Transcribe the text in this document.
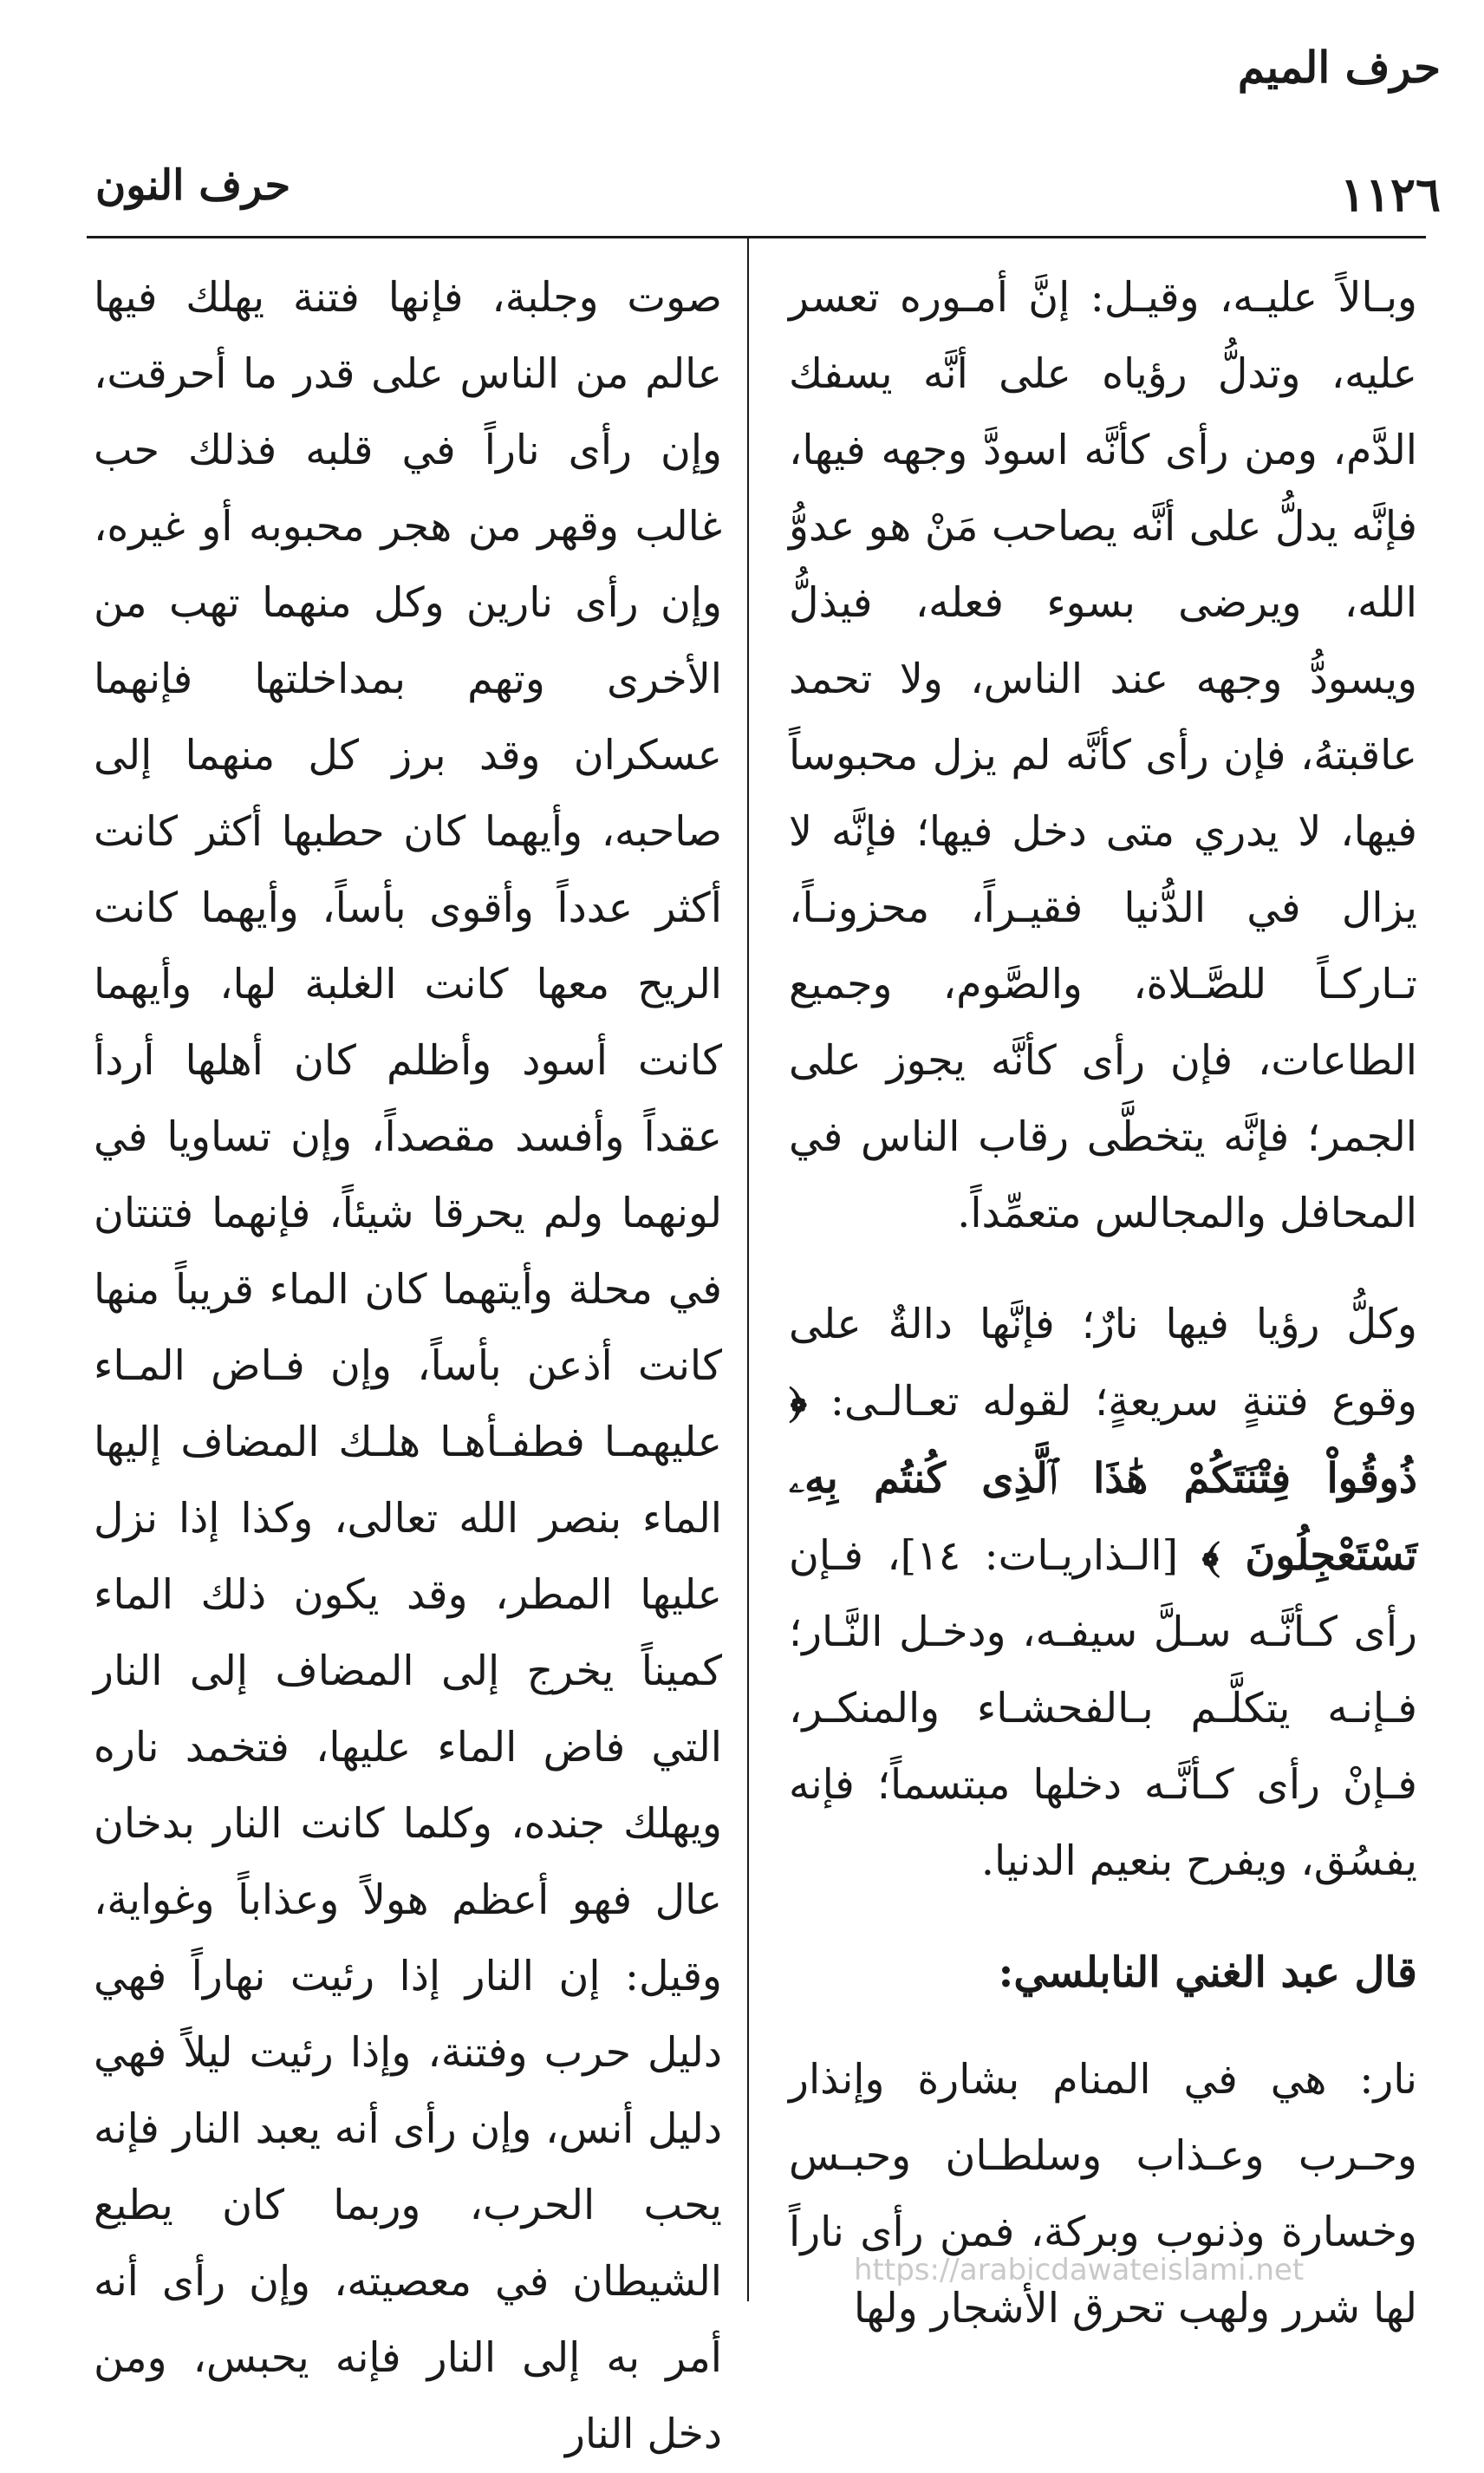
حرف الميم
١١٢٦
حرف النون

وبـالاً عليـه، وقيـل: إنَّ أمـوره تعسر عليه، وتدلُّ رؤياه على أنَّه يسفك الدَّم، ومن رأى كأنَّه اسودَّ وجهه فيها، فإنَّه يدلُّ على أنَّه يصاحب مَنْ هو عدوُّ الله، ويرضى بسوء فعله، فيذلُّ ويسودُّ وجهه عند الناس، ولا تحمد عاقبتهُ، فإن رأى كأنَّه لم يزل محبوساً فيها، لا يدري متى دخل فيها؛ فإنَّه لا يزال في الدُّنيا فقيـراً، محزونـاً، تـاركـاً للصَّـلاة، والصَّوم، وجميع الطاعات، فإن رأى كأنَّه يجوز على الجمر؛ فإنَّه يتخطَّى رقاب الناس في المحافل والمجالس متعمِّداً.

وكلُّ رؤيا فيها نارٌ؛ فإنَّها دالةٌ على وقوع فتنةٍ سريعةٍ؛ لقوله تعـالـى: ﴿ ذُوقُواْ فِتْنَتَكُمْ هَٰذَا ٱلَّذِى كُنتُم بِهِۦ تَسْتَعْجِلُونَ ﴾ [الـذاريـات: ١٤]، فـإن رأى كـأنَّـه سـلَّ سيفـه، ودخـل النَّـار؛ فـإنـه يتكلَّـم بـالفحشـاء والمنكـر، فـإنْ رأى كـأنَّـه دخلها مبتسماً؛ فإنه يفسُق، ويفرح بنعيم الدنيا.

قال عبد الغني النابلسي:

نار: هي في المنام بشارة وإنذار وحـرب وعـذاب وسلطـان وحبـس وخسارة وذنوب وبركة، فمن رأى ناراً لها شرر ولهب تحرق الأشجار ولها

صوت وجلبة، فإنها فتنة يهلك فيها عالم من الناس على قدر ما أحرقت، وإن رأى ناراً في قلبه فذلك حب غالب وقهر من هجر محبوبه أو غيره، وإن رأى نارين وكل منهما تهب من الأخرى وتهم بمداخلتها فإنهما عسكران وقد برز كل منهما إلى صاحبه، وأيهما كان حطبها أكثر كانت أكثر عدداً وأقوى بأساً، وأيهما كانت الريح معها كانت الغلبة لها، وأيهما كانت أسود وأظلم كان أهلها أردأ عقداً وأفسد مقصداً، وإن تساويا في لونهما ولم يحرقا شيئاً، فإنهما فتنتان في محلة وأيتهما كان الماء قريباً منها كانت أذعن بأساً، وإن فـاض المـاء عليهمـا فطفـأهـا هلـك المضاف إليها الماء بنصر الله تعالى، وكذا إذا نزل عليها المطر، وقد يكون ذلك الماء كميناً يخرج إلى المضاف إلى النار التي فاض الماء عليها، فتخمد ناره ويهلك جنده، وكلما كانت النار بدخان عال فهو أعظم هولاً وعذاباً وغواية، وقيل: إن النار إذا رئيت نهاراً فهي دليل حرب وفتنة، وإذا رئيت ليلاً فهي دليل أنس، وإن رأى أنه يعبد النار فإنه يحب الحرب، وربما كان يطيع الشيطان في معصيته، وإن رأى أنه أمر به إلى النار فإنه يحبس، ومن دخل النار

https://arabicdawateislami.net
